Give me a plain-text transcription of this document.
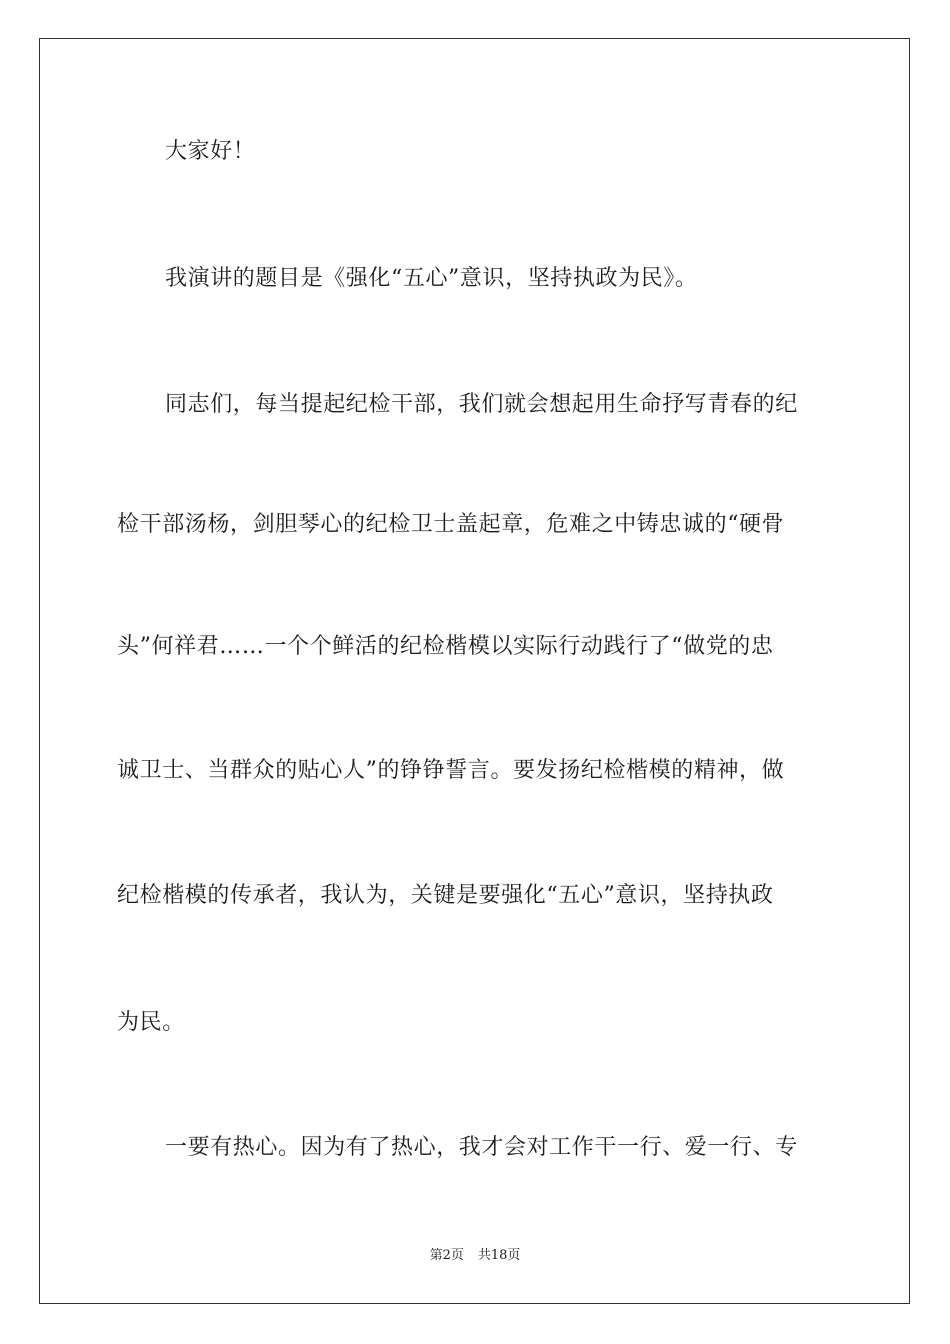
大家好！
我演讲的题目是《强化“五心”意识，坚持执政为民》。
同志们，每当提起纪检干部，我们就会想起用生命抒写青春的纪
检干部汤杨，剑胆琴心的纪检卫士盖起章，危难之中铸忠诚的“硬骨
头”何祥君……一个个鲜活的纪检楷模以实际行动践行了“做党的忠
诚卫士、当群众的贴心人”的铮铮誓言。要发扬纪检楷模的精神，做
纪检楷模的传承者，我认为，关键是要强化“五心”意识，坚持执政
为民。
一要有热心。因为有了热心，我才会对工作干一行、爱一行、专
第2页 共18页
